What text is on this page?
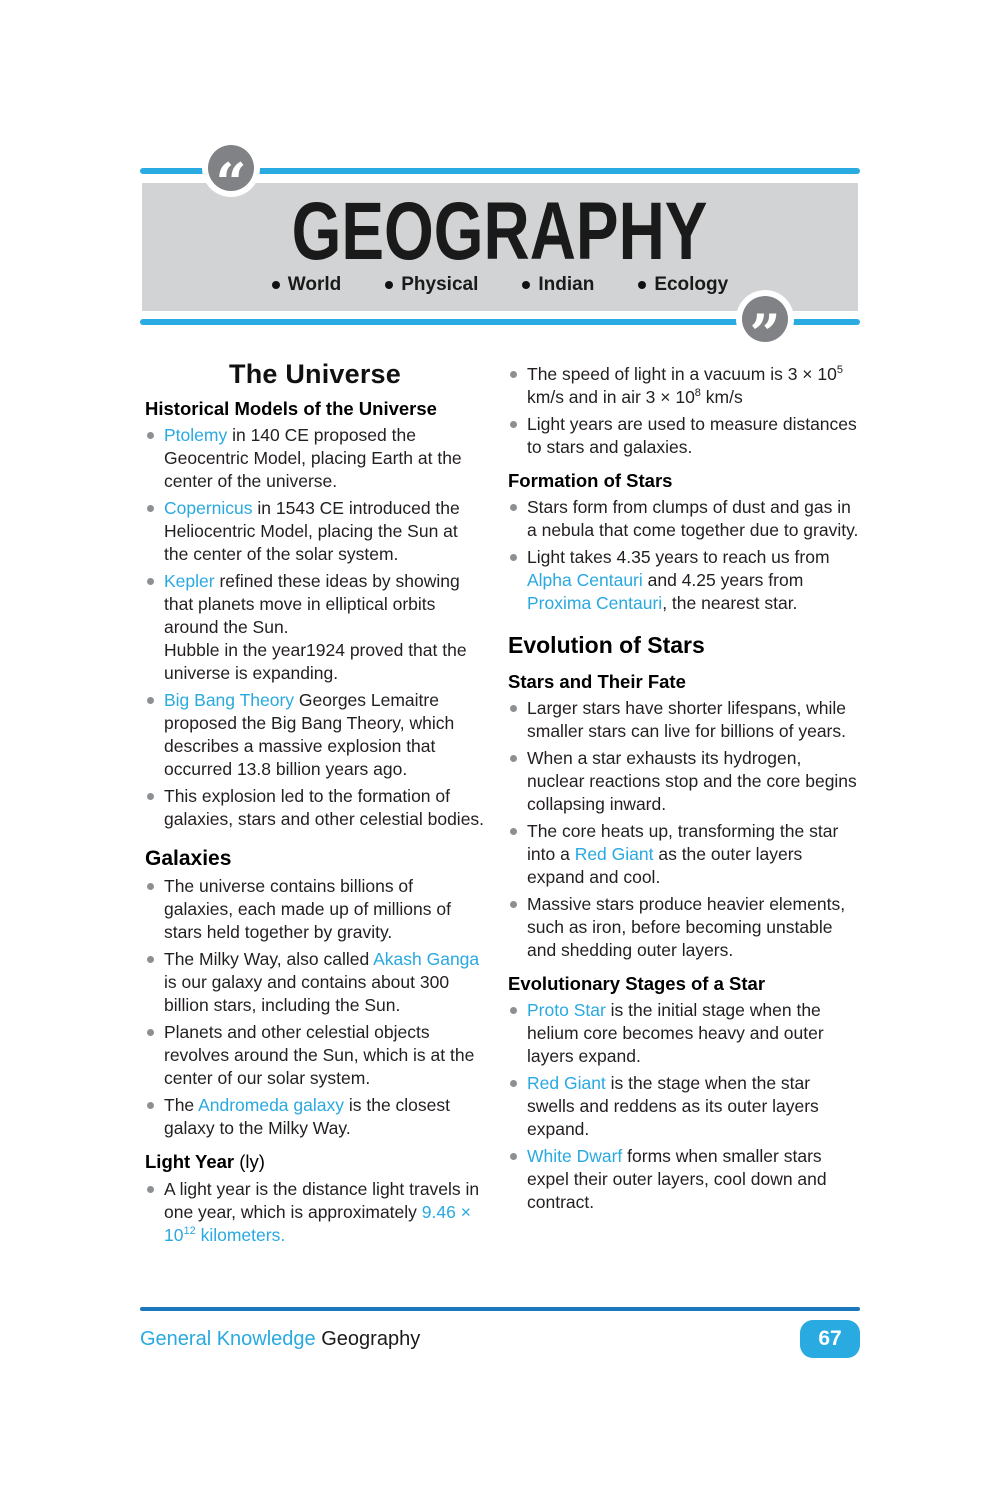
“
GEOGRAPHY
World	Physical	Indian	Ecology
”
The Universe
Historical Models of the Universe

Ptolemy in 140 CE proposed the Geocentric Model, placing Earth at the center of the universe.

Copernicus in 1543 CE introduced the Heliocentric Model, placing the Sun at the center of the solar system.

Kepler refined these ideas by showing that planets move in elliptical orbits around the Sun.
Hubble in the year1924 proved that the universe is expanding.

Big Bang Theory Georges Lemaitre proposed the Big Bang Theory, which describes a massive explosion that occurred 13.8 billion years ago.

This explosion led to the formation of galaxies, stars and other celestial bodies.

Galaxies

The universe contains billions of galaxies, each made up of millions of stars held together by gravity.

The Milky Way, also called Akash Ganga is our galaxy and contains about 300 billion stars, including the Sun.

Planets and other celestial objects revolves around the Sun, which is at the center of our solar system.

The Andromeda galaxy is the closest galaxy to the Milky Way.

Light Year (ly)

A light year is the distance light travels in one year, which is approximately $9.46 \times 10^{12}$ kilometers.

The speed of light in a vacuum is $3 \times 10^5$ km/s and in air $3 \times 10^8$ km/s

Light years are used to measure distances to stars and galaxies.

Formation of Stars

Stars form from clumps of dust and gas in a nebula that come together due to gravity.

Light takes 4.35 years to reach us from Alpha Centauri and 4.25 years from Proxima Centauri, the nearest star.

Evolution of Stars
Stars and Their Fate

Larger stars have shorter lifespans, while smaller stars can live for billions of years.

When a star exhausts its hydrogen, nuclear reactions stop and the core begins collapsing inward.

The core heats up, transforming the star into a Red Giant as the outer layers expand and cool.

Massive stars produce heavier elements, such as iron, before becoming unstable and shedding outer layers.

Evolutionary Stages of a Star

Proto Star is the initial stage when the helium core becomes heavy and outer layers expand.

Red Giant is the stage when the star swells and reddens as its outer layers expand.

White Dwarf forms when smaller stars expel their outer layers, cool down and contract.

General Knowledge Geography	67
